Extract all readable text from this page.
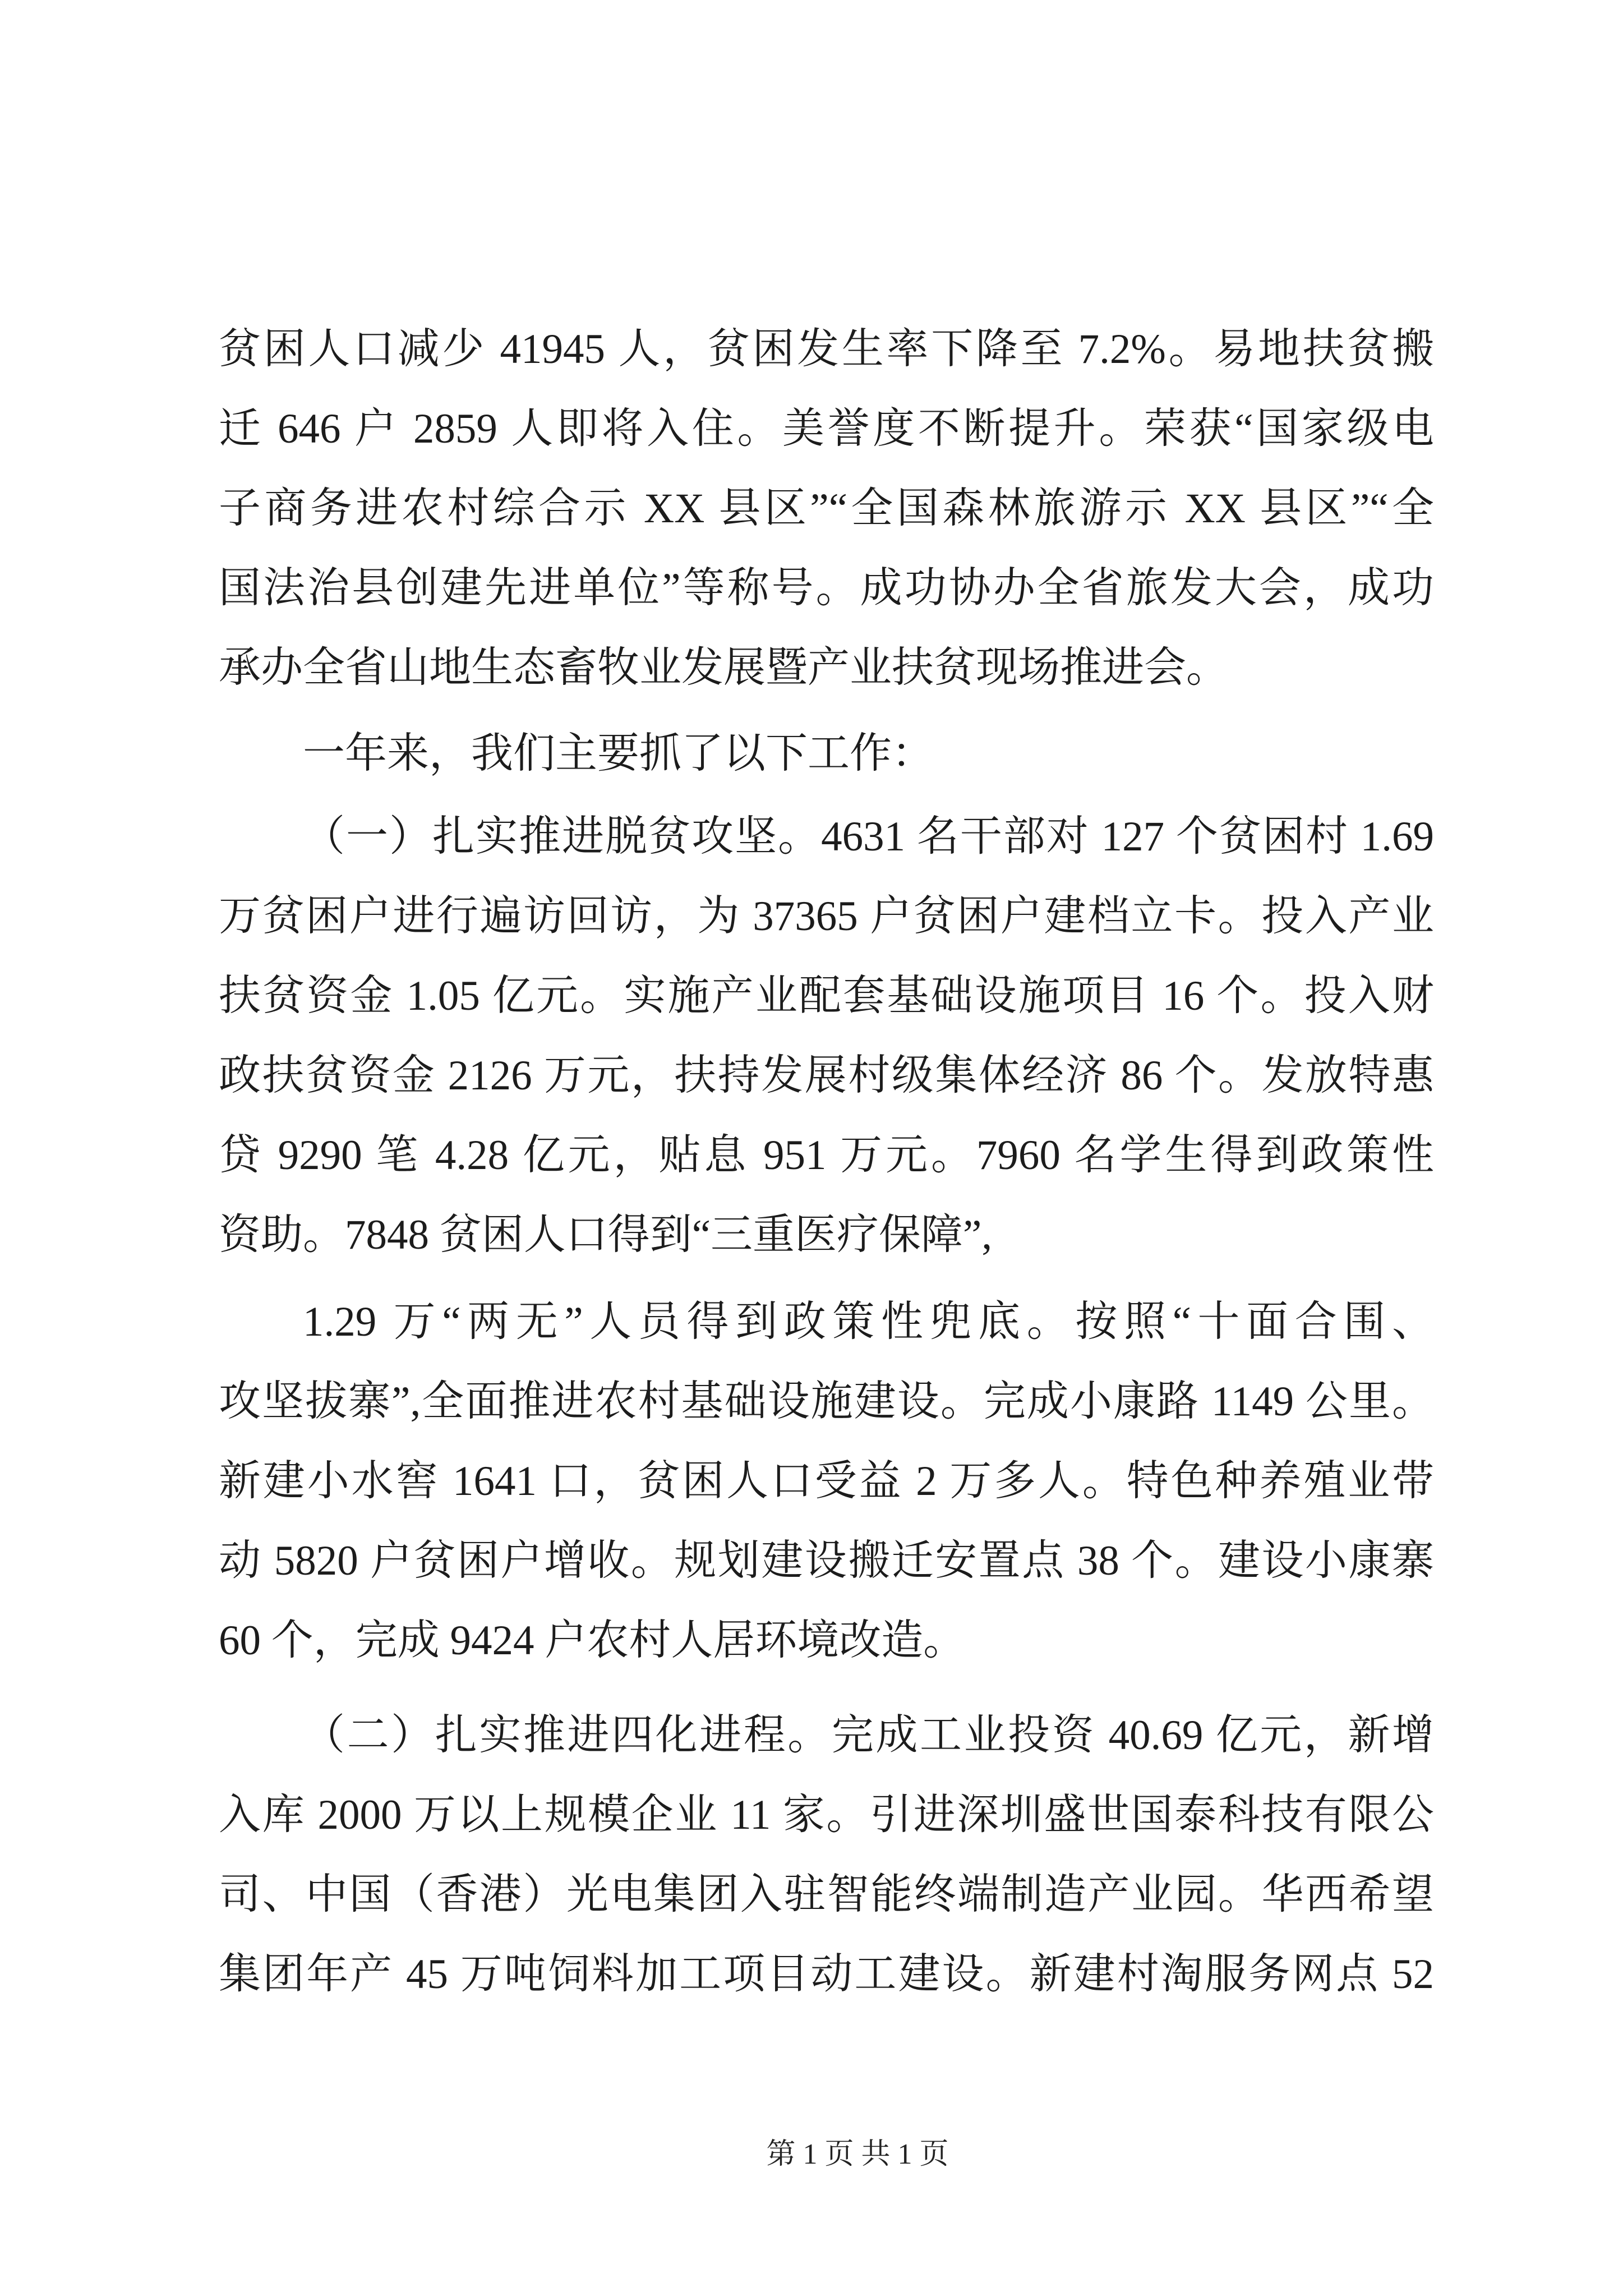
贫困人口减少 41945 人，贫困发生率下降至 7.2%。易地扶贫搬
迁 646 户 2859 人即将入住。美誉度不断提升。荣获“国家级电
子商务进农村综合示 XX 县区”“全国森林旅游示 XX 县区”“全
国法治县创建先进单位”等称号。成功协办全省旅发大会，成功
承办全省山地生态畜牧业发展暨产业扶贫现场推进会。
一年来，我们主要抓了以下工作：
（一）扎实推进脱贫攻坚。4631 名干部对 127 个贫困村 1.69
万贫困户进行遍访回访，为 37365 户贫困户建档立卡。投入产业
扶贫资金 1.05 亿元。实施产业配套基础设施项目 16 个。投入财
政扶贫资金 2126 万元，扶持发展村级集体经济 86 个。发放特惠
贷 9290 笔 4.28 亿元，贴息 951 万元。7960 名学生得到政策性
资助。7848 贫困人口得到“三重医疗保障”,
1.29 万“两无”人员得到政策性兜底。按照“十面合围、
攻坚拔寨”,全面推进农村基础设施建设。完成小康路 1149 公里。
新建小水窖 1641 口，贫困人口受益 2 万多人。特色种养殖业带
动 5820 户贫困户增收。规划建设搬迁安置点 38 个。建设小康寨
60 个，完成 9424 户农村人居环境改造。
（二）扎实推进四化进程。完成工业投资 40.69 亿元，新增
入库 2000 万以上规模企业 11 家。引进深圳盛世国泰科技有限公
司、中国（香港）光电集团入驻智能终端制造产业园。华西希望
集团年产 45 万吨饲料加工项目动工建设。新建村淘服务网点 52
第 1 页 共 1 页
